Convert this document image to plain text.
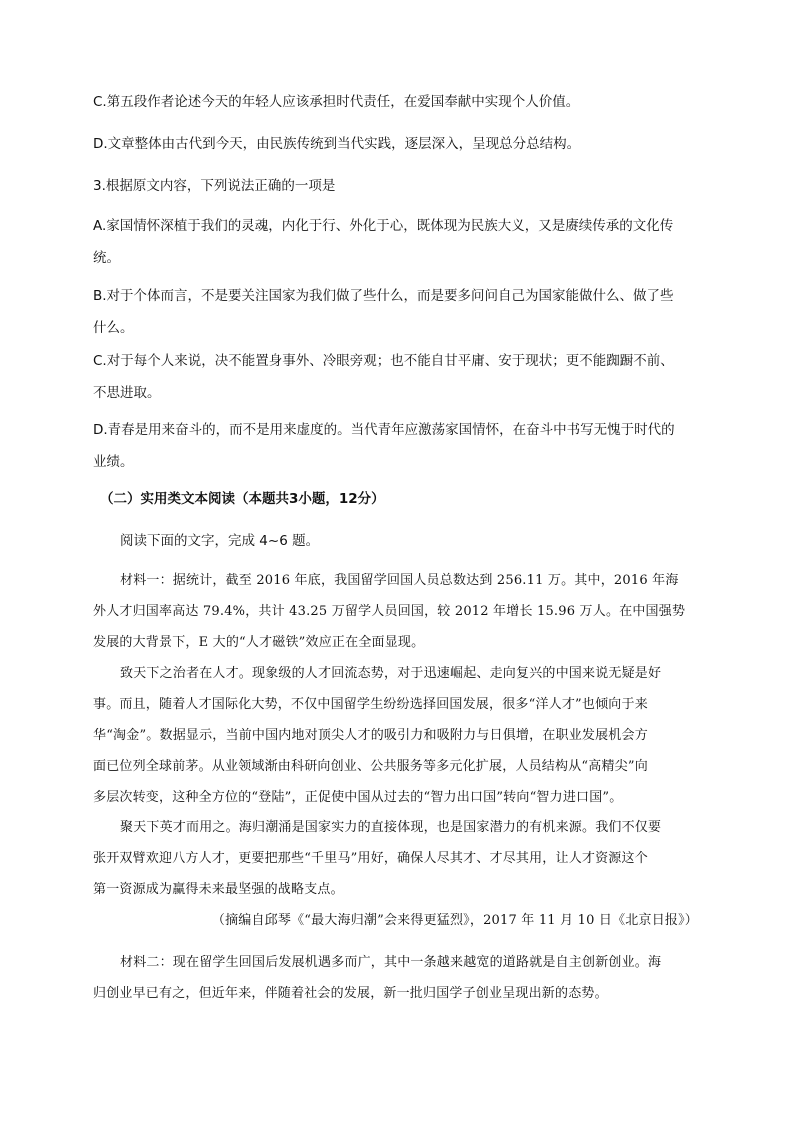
C.第五段作者论述今天的年轻人应该承担时代责任，在爱国奉献中实现个人价值。

D.文章整体由古代到今天，由民族传统到当代实践，逐层深入，呈现总分总结构。

3.根据原文内容，下列说法正确的一项是

A.家国情怀深植于我们的灵魂，内化于行、外化于心，既体现为民族大义，又是赓续传承的文化传
统。
B.对于个体而言，不是要关注国家为我们做了些什么，而是要多问问自己为国家能做什么、做了些
什么。
C.对于每个人来说，决不能置身事外、冷眼旁观；也不能自甘平庸、安于现状；更不能踟蹰不前、
不思进取。
D.青春是用来奋斗的，而不是用来虚度的。当代青年应激荡家国情怀，在奋斗中书写无愧于时代的
业绩。

（二）实用类文本阅读（本题共3小题，12分）

阅读下面的文字，完成 4~6 题。

材料一：据统计，截至 2016 年底，我国留学回国人员总数达到 256.11 万。其中，2016 年海
外人才归国率高达 79.4%，共计 43.25 万留学人员回国，较 2012 年增长 15.96 万人。在中国强势
发展的大背景下，E 大的“人才磁铁”效应正在全面显现。
致天下之治者在人才。现象级的人才回流态势，对于迅速崛起、走向复兴的中国来说无疑是好
事。而且，随着人才国际化大势，不仅中国留学生纷纷选择回国发展，很多“洋人才”也倾向于来
华“淘金”。数据显示，当前中国内地对顶尖人才的吸引力和吸附力与日俱增，在职业发展机会方
面已位列全球前茅。从业领域渐由科研向创业、公共服务等多元化扩展，人员结构从“高精尖”向
多层次转变，这种全方位的“登陆”，正促使中国从过去的“智力出口国”转向“智力进口国”。
聚天下英才而用之。海归潮涌是国家实力的直接体现，也是国家潜力的有机来源。我们不仅要
张开双臂欢迎八方人才，更要把那些“千里马”用好，确保人尽其才、才尽其用，让人才资源这个
第一资源成为赢得未来最坚强的战略支点。

（摘编自邱琴《“最大海归潮”会来得更猛烈》，2017 年 11 月 10 日《北京日报》）

材料二：现在留学生回国后发展机遇多而广，其中一条越来越宽的道路就是自主创新创业。海
归创业早已有之，但近年来，伴随着社会的发展，新一批归国学子创业呈现出新的态势。
